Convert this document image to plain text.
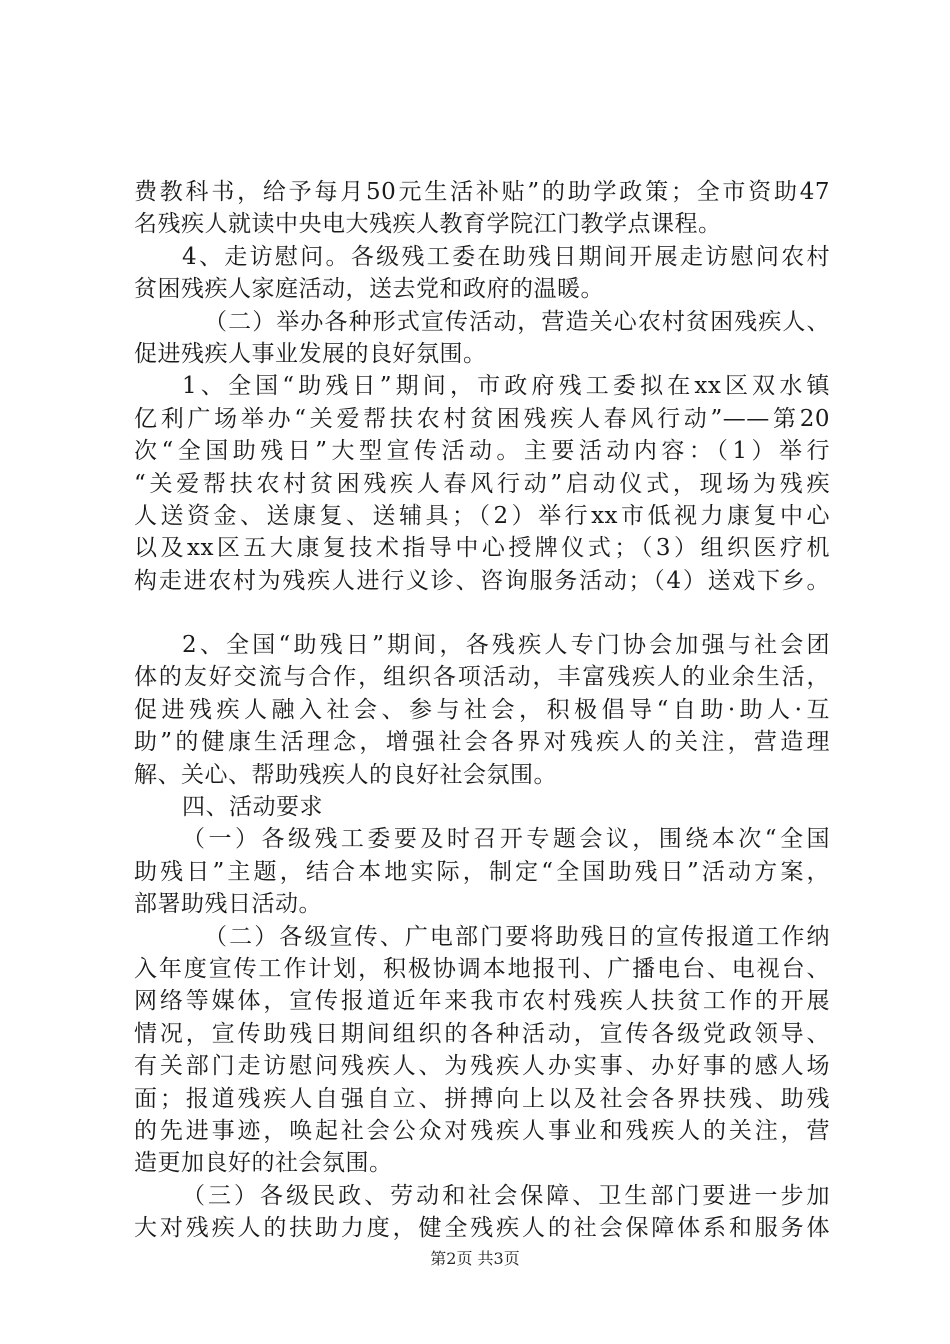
费教科书，给予每月50元生活补贴”的助学政策；全市资助47
名残疾人就读中央电大残疾人教育学院江门教学点课程。
4、走访慰问。各级残工委在助残日期间开展走访慰问农村
贫困残疾人家庭活动，送去党和政府的温暖。
（二）举办各种形式宣传活动，营造关心农村贫困残疾人、
促进残疾人事业发展的良好氛围。
1、全国“助残日”期间，市政府残工委拟在xx区双水镇
亿利广场举办“关爱帮扶农村贫困残疾人春风行动”——第20
次“全国助残日”大型宣传活动。主要活动内容：（1）举行
“关爱帮扶农村贫困残疾人春风行动”启动仪式，现场为残疾
人送资金、送康复、送辅具；（2）举行xx市低视力康复中心
以及xx区五大康复技术指导中心授牌仪式；（3）组织医疗机
构走进农村为残疾人进行义诊、咨询服务活动；（4）送戏下乡。
2、全国“助残日”期间，各残疾人专门协会加强与社会团
体的友好交流与合作，组织各项活动，丰富残疾人的业余生活，
促进残疾人融入社会、参与社会，积极倡导“自助·助人·互
助”的健康生活理念，增强社会各界对残疾人的关注，营造理
解、关心、帮助残疾人的良好社会氛围。
四、活动要求
（一）各级残工委要及时召开专题会议，围绕本次“全国
助残日”主题，结合本地实际，制定“全国助残日”活动方案，
部署助残日活动。
（二）各级宣传、广电部门要将助残日的宣传报道工作纳
入年度宣传工作计划，积极协调本地报刊、广播电台、电视台、
网络等媒体，宣传报道近年来我市农村残疾人扶贫工作的开展
情况，宣传助残日期间组织的各种活动，宣传各级党政领导、
有关部门走访慰问残疾人、为残疾人办实事、办好事的感人场
面；报道残疾人自强自立、拼搏向上以及社会各界扶残、助残
的先进事迹，唤起社会公众对残疾人事业和残疾人的关注，营
造更加良好的社会氛围。
（三）各级民政、劳动和社会保障、卫生部门要进一步加
大对残疾人的扶助力度，健全残疾人的社会保障体系和服务体
第2页 共3页
